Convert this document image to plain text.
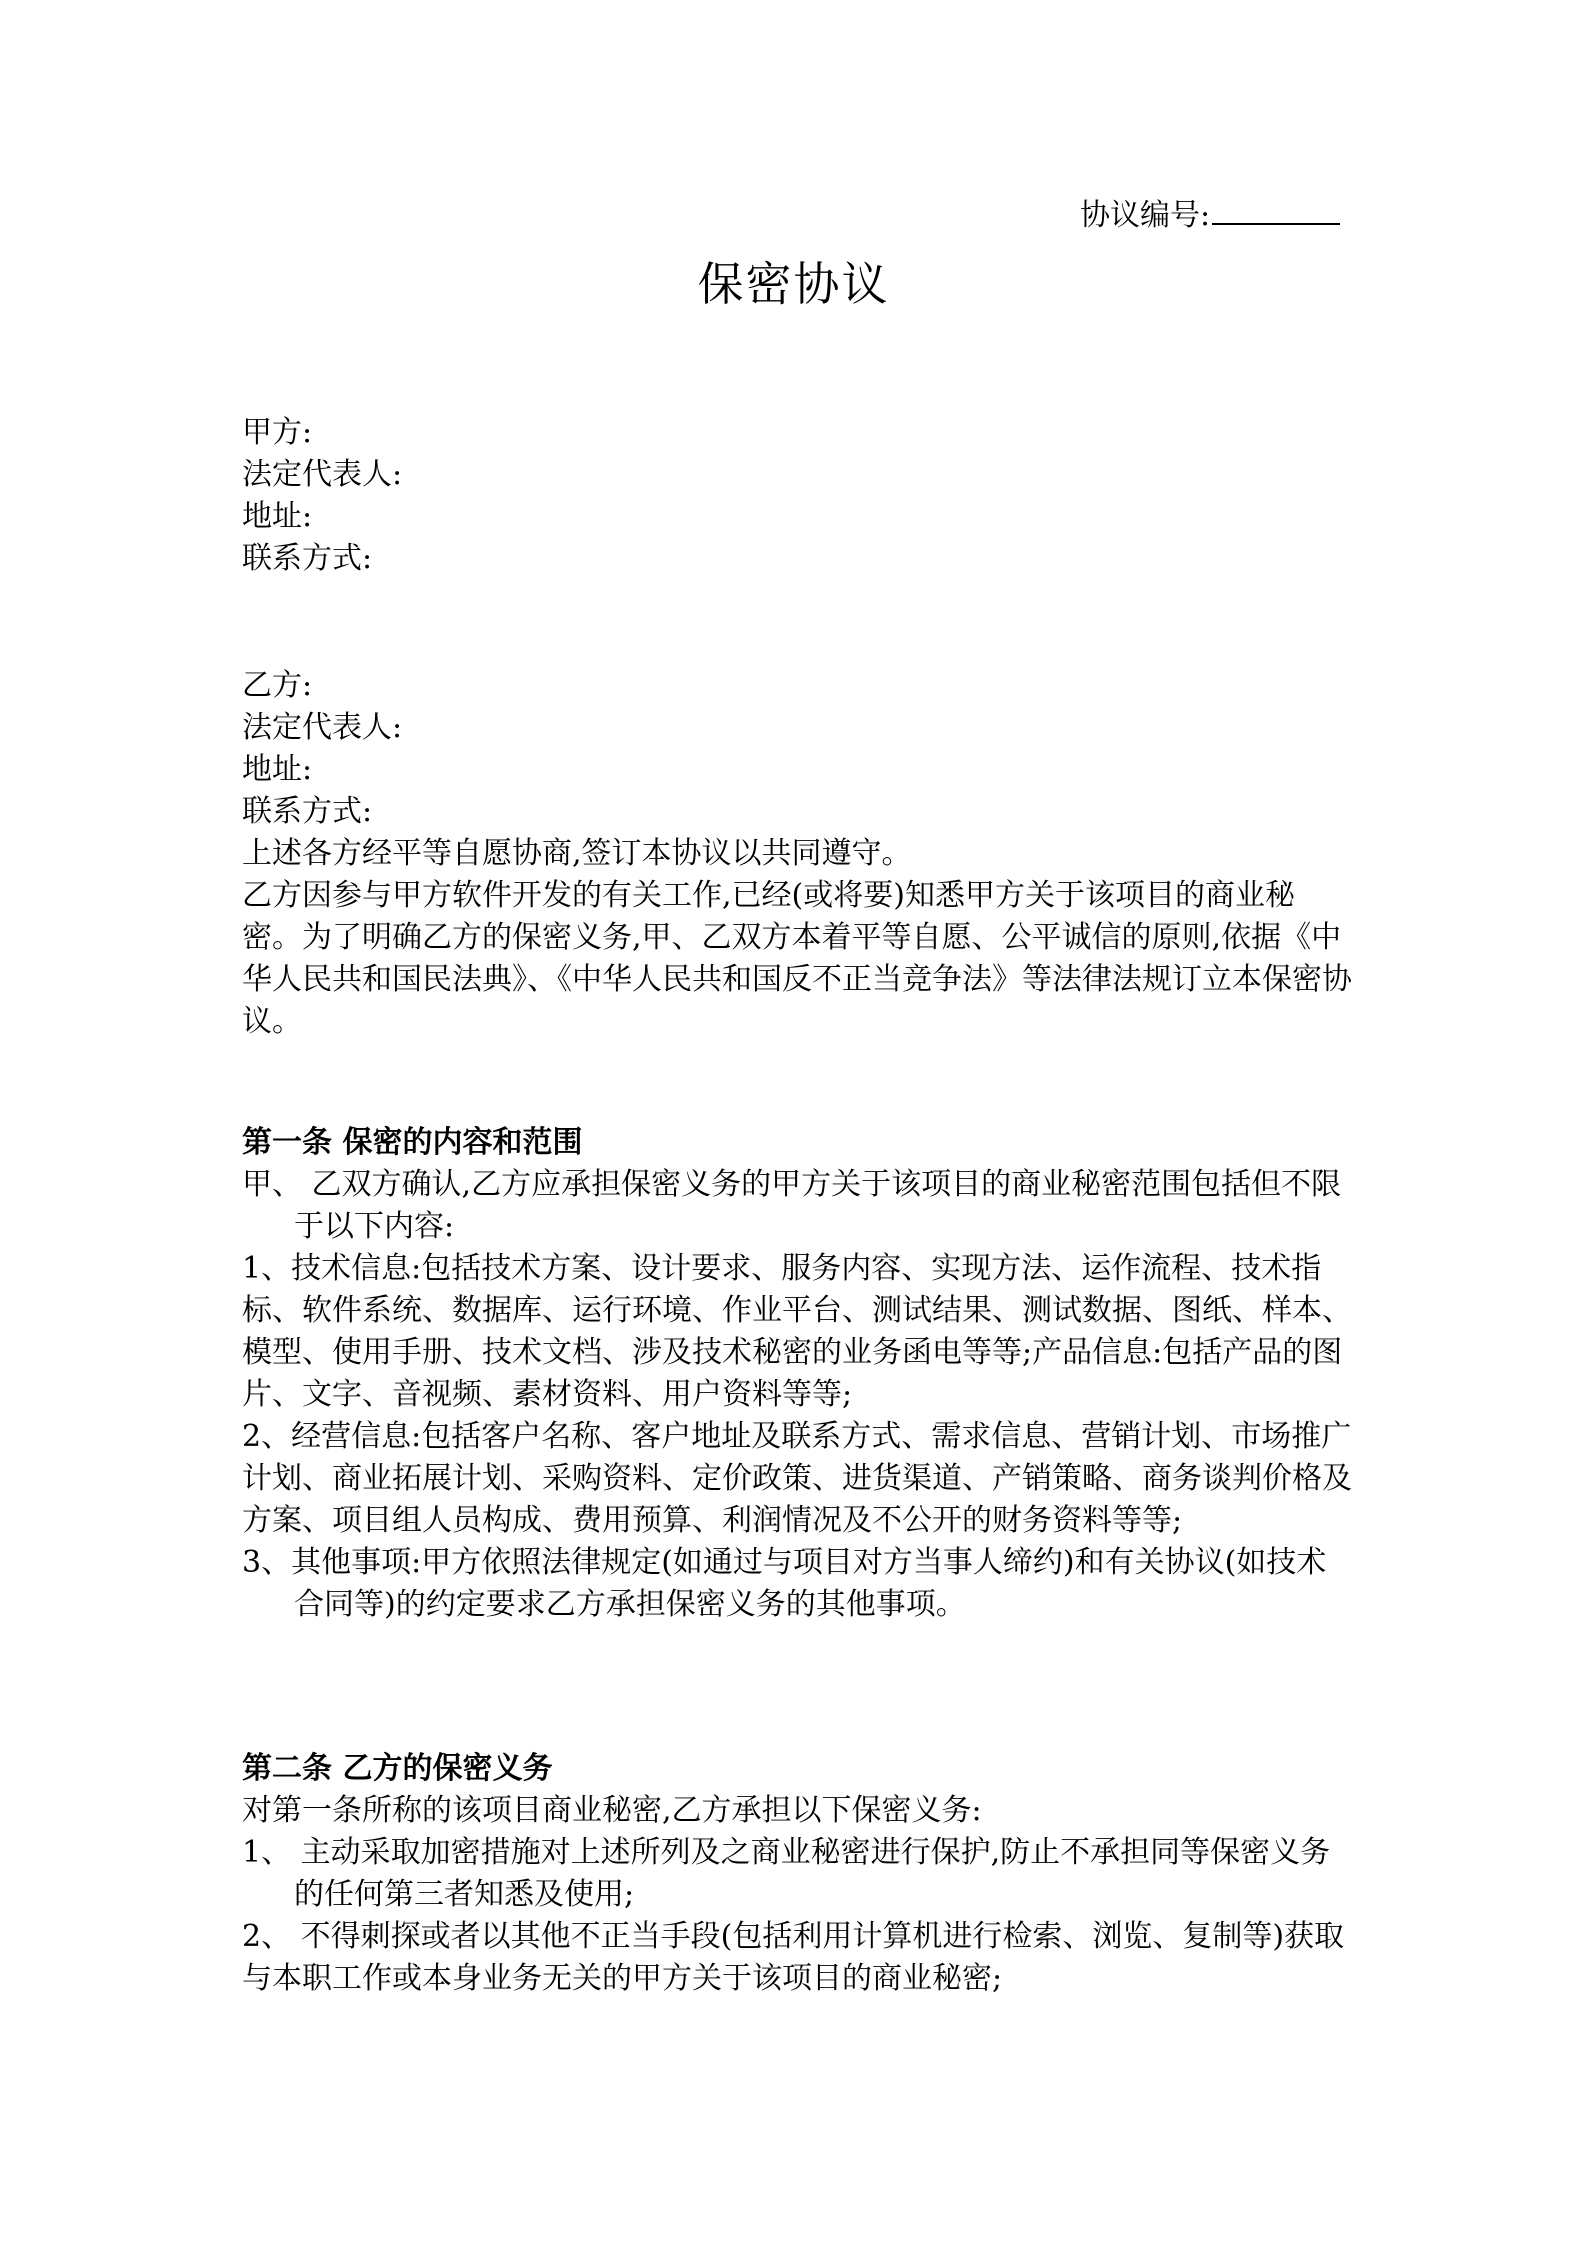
协议编号:
保密协议

甲方:

法定代表人:

地址:

联系方式:

乙方:

法定代表人:

地址:

联系方式:

上述各方经平等自愿协商,签订本协议以共同遵守。

乙方因参与甲方软件开发的有关工作,已经(或将要)知悉甲方关于该项目的商业秘密。为了明确乙方的保密义务,甲、乙双方本着平等自愿、公平诚信的原则,依据《中华人民共和国民法典》、《中华人民共和国反不正当竞争法》等法律法规订立本保密协议。

第一条 保密的内容和范围

甲、 乙双方确认,乙方应承担保密义务的甲方关于该项目的商业秘密范围包括但不限于以下内容:

1、技术信息:包括技术方案、设计要求、服务内容、实现方法、运作流程、技术指标、软件系统、数据库、运行环境、作业平台、测试结果、测试数据、图纸、样本、模型、使用手册、技术文档、涉及技术秘密的业务函电等等;产品信息:包括产品的图片、文字、音视频、素材资料、用户资料等等;

2、经营信息:包括客户名称、客户地址及联系方式、需求信息、营销计划、市场推广计划、商业拓展计划、采购资料、定价政策、进货渠道、产销策略、商务谈判价格及方案、项目组人员构成、费用预算、利润情况及不公开的财务资料等等;

3、其他事项:甲方依照法律规定(如通过与项目对方当事人缔约)和有关协议(如技术合同等)的约定要求乙方承担保密义务的其他事项。

第二条 乙方的保密义务

对第一条所称的该项目商业秘密,乙方承担以下保密义务:

1、 主动采取加密措施对上述所列及之商业秘密进行保护,防止不承担同等保密义务的任何第三者知悉及使用;

2、 不得刺探或者以其他不正当手段(包括利用计算机进行检索、浏览、复制等)获取与本职工作或本身业务无关的甲方关于该项目的商业秘密;
